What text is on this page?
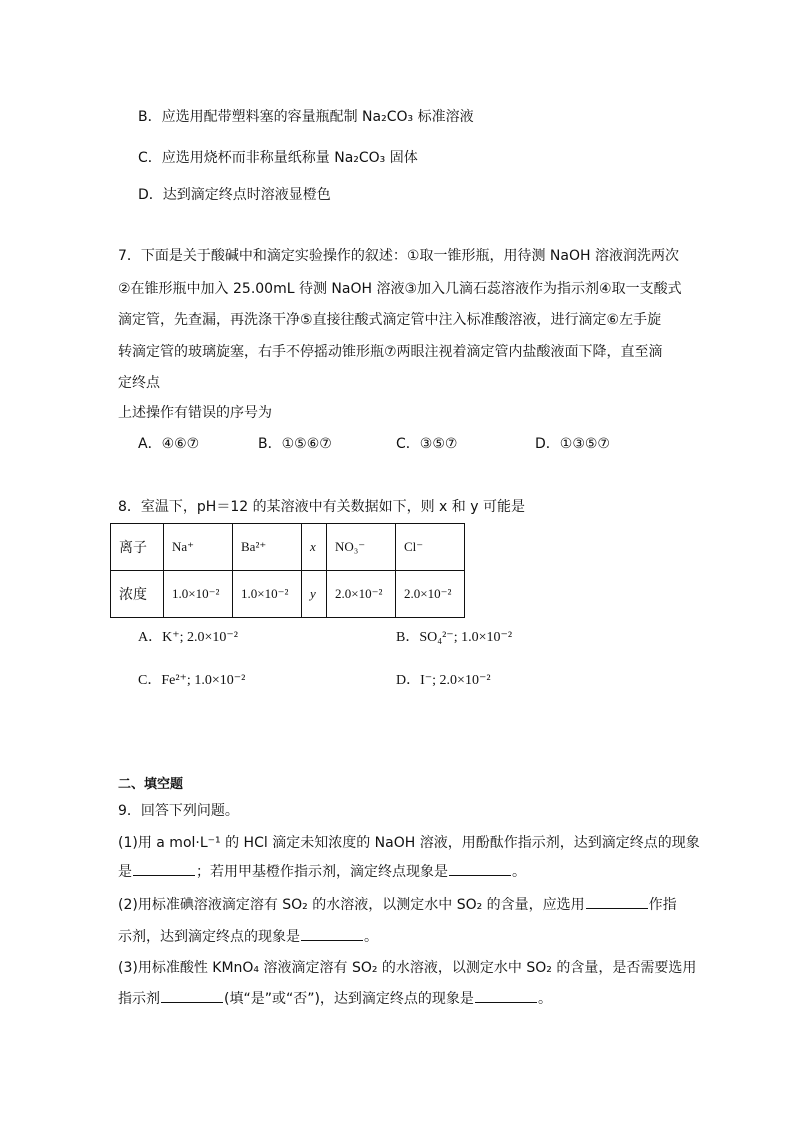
B．应选用配带塑料塞的容量瓶配制 Na₂CO₃ 标准溶液
C．应选用烧杯而非称量纸称量 Na₂CO₃ 固体
D．达到滴定终点时溶液显橙色
7．下面是关于酸碱中和滴定实验操作的叙述：①取一锥形瓶，用待测 NaOH 溶液润洗两次
②在锥形瓶中加入 25.00mL 待测 NaOH 溶液③加入几滴石蕊溶液作为指示剂④取一支酸式
滴定管，先查漏，再洗涤干净⑤直接往酸式滴定管中注入标准酸溶液，进行滴定⑥左手旋
转滴定管的玻璃旋塞，右手不停摇动锥形瓶⑦两眼注视着滴定管内盐酸液面下降，直至滴
定终点
上述操作有错误的序号为
A．④⑥⑦	B．①⑤⑥⑦	C．③⑤⑦	D．①③⑤⑦
8．室温下，pH＝12 的某溶液中有关数据如下，则 x 和 y 可能是
离子	Na⁺	Ba²⁺	x	NO₃⁻	Cl⁻
浓度	1.0×10⁻²	1.0×10⁻²	y	2.0×10⁻²	2.0×10⁻²
A．K⁺; 2.0×10⁻²	B．SO₄²⁻; 1.0×10⁻²
C．Fe²⁺; 1.0×10⁻²	D．I⁻; 2.0×10⁻²
二、填空题
9．回答下列问题。
(1)用 a mol·L⁻¹ 的 HCl 滴定未知浓度的 NaOH 溶液，用酚酞作指示剂，达到滴定终点的现象
是	；若用甲基橙作指示剂，滴定终点现象是	。
(2)用标准碘溶液滴定溶有 SO₂ 的水溶液，以测定水中 SO₂ 的含量，应选用	作指
示剂，达到滴定终点的现象是	。
(3)用标准酸性 KMnO₄ 溶液滴定溶有 SO₂ 的水溶液，以测定水中 SO₂ 的含量，是否需要选用
指示剂	(填“是”或“否”)，达到滴定终点的现象是	。
